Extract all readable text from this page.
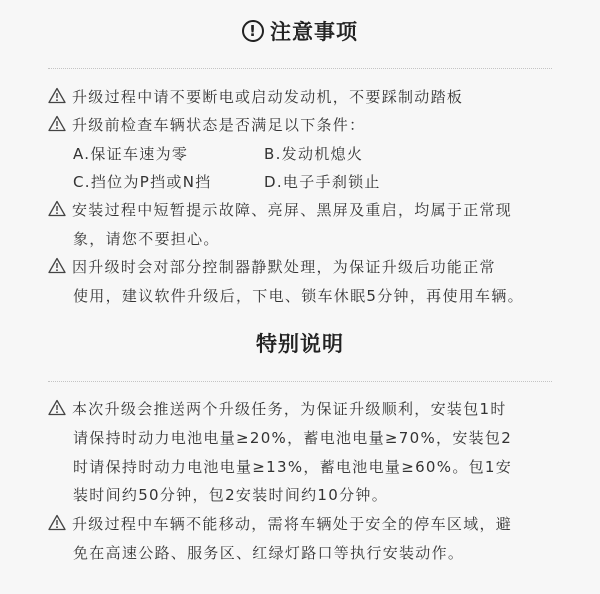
! 注意事项
升级过程中请不要断电或启动发动机，不要踩制动踏板
升级前检查车辆状态是否满足以下条件：
A.保证车速为零	B.发动机熄火
C.挡位为P挡或N挡	D.电子手刹锁止
安装过程中短暂提示故障、亮屏、黑屏及重启，均属于正常现
象，请您不要担心。
因升级时会对部分控制器静默处理，为保证升级后功能正常
使用，建议软件升级后，下电、锁车休眠5分钟，再使用车辆。
特别说明
本次升级会推送两个升级任务，为保证升级顺利，安装包1时
请保持时动力电池电量≥20%，蓄电池电量≥70%，安装包2
时请保持时动力电池电量≥13%，蓄电池电量≥60%。包1安
装时间约50分钟，包2安装时间约10分钟。
升级过程中车辆不能移动，需将车辆处于安全的停车区域，避
免在高速公路、服务区、红绿灯路口等执行安装动作。
